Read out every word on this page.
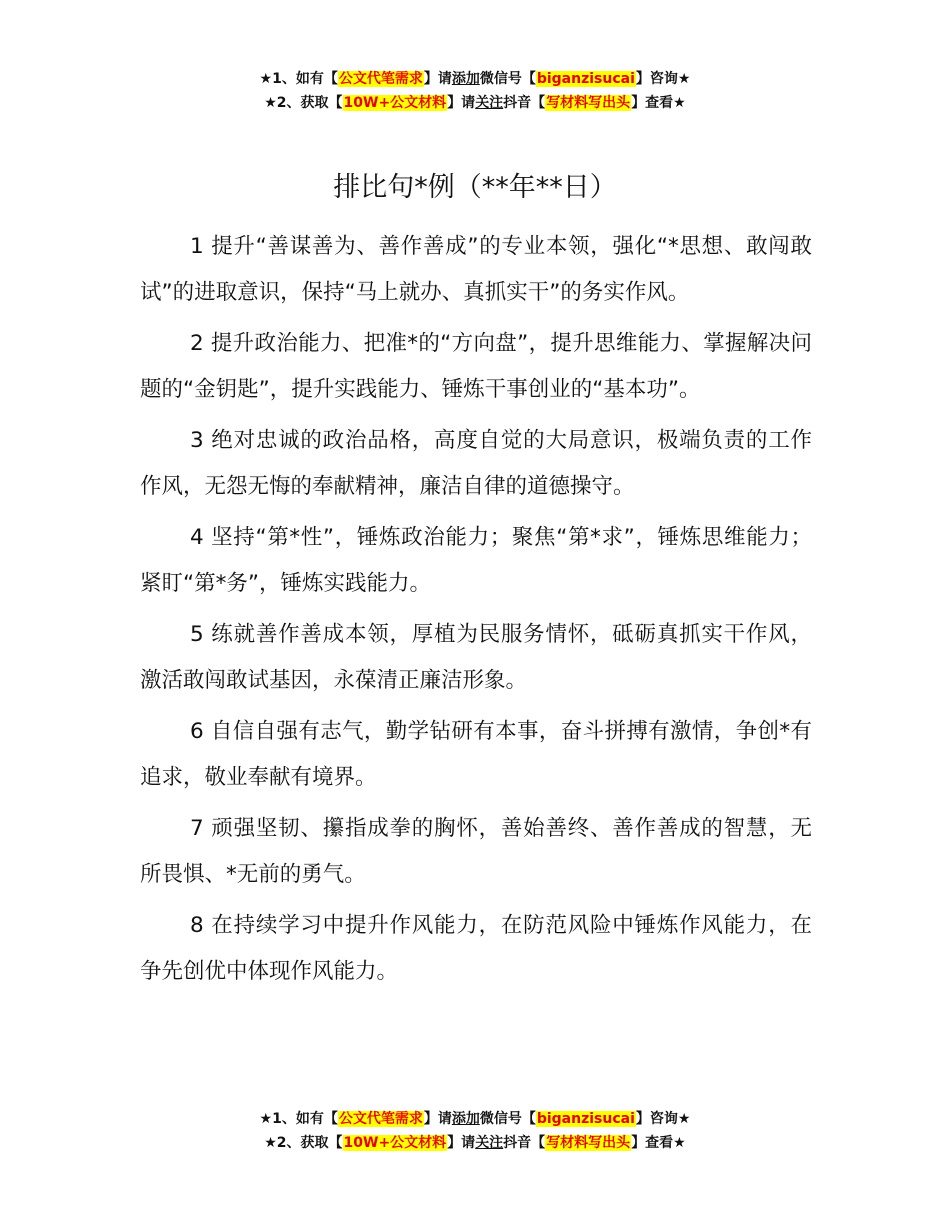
★1、如有【公文代笔需求】请添加微信号【biganzisucai】咨询★
★2、获取【10W+公文材料】请关注抖音【写材料写出头】查看★
排比句*例（**年**日）

1 提升“善谋善为、善作善成”的专业本领，强化“*思想、敢闯敢试”的进取意识，保持“马上就办、真抓实干”的务实作风。

2 提升政治能力、把准*的“方向盘”，提升思维能力、掌握解决问题的“金钥匙”，提升实践能力、锤炼干事创业的“基本功”。

3 绝对忠诚的政治品格，高度自觉的大局意识，极端负责的工作作风，无怨无悔的奉献精神，廉洁自律的道德操守。

4 坚持“第*性”，锤炼政治能力；聚焦“第*求”，锤炼思维能力；紧盯“第*务”，锤炼实践能力。

5 练就善作善成本领，厚植为民服务情怀，砥砺真抓实干作风，激活敢闯敢试基因，永葆清正廉洁形象。

6 自信自强有志气，勤学钻研有本事，奋斗拼搏有激情，争创*有追求，敬业奉献有境界。

7 顽强坚韧、攥指成拳的胸怀，善始善终、善作善成的智慧，无所畏惧、*无前的勇气。

8 在持续学习中提升作风能力，在防范风险中锤炼作风能力，在争先创优中体现作风能力。

★1、如有【公文代笔需求】请添加微信号【biganzisucai】咨询★
★2、获取【10W+公文材料】请关注抖音【写材料写出头】查看★
